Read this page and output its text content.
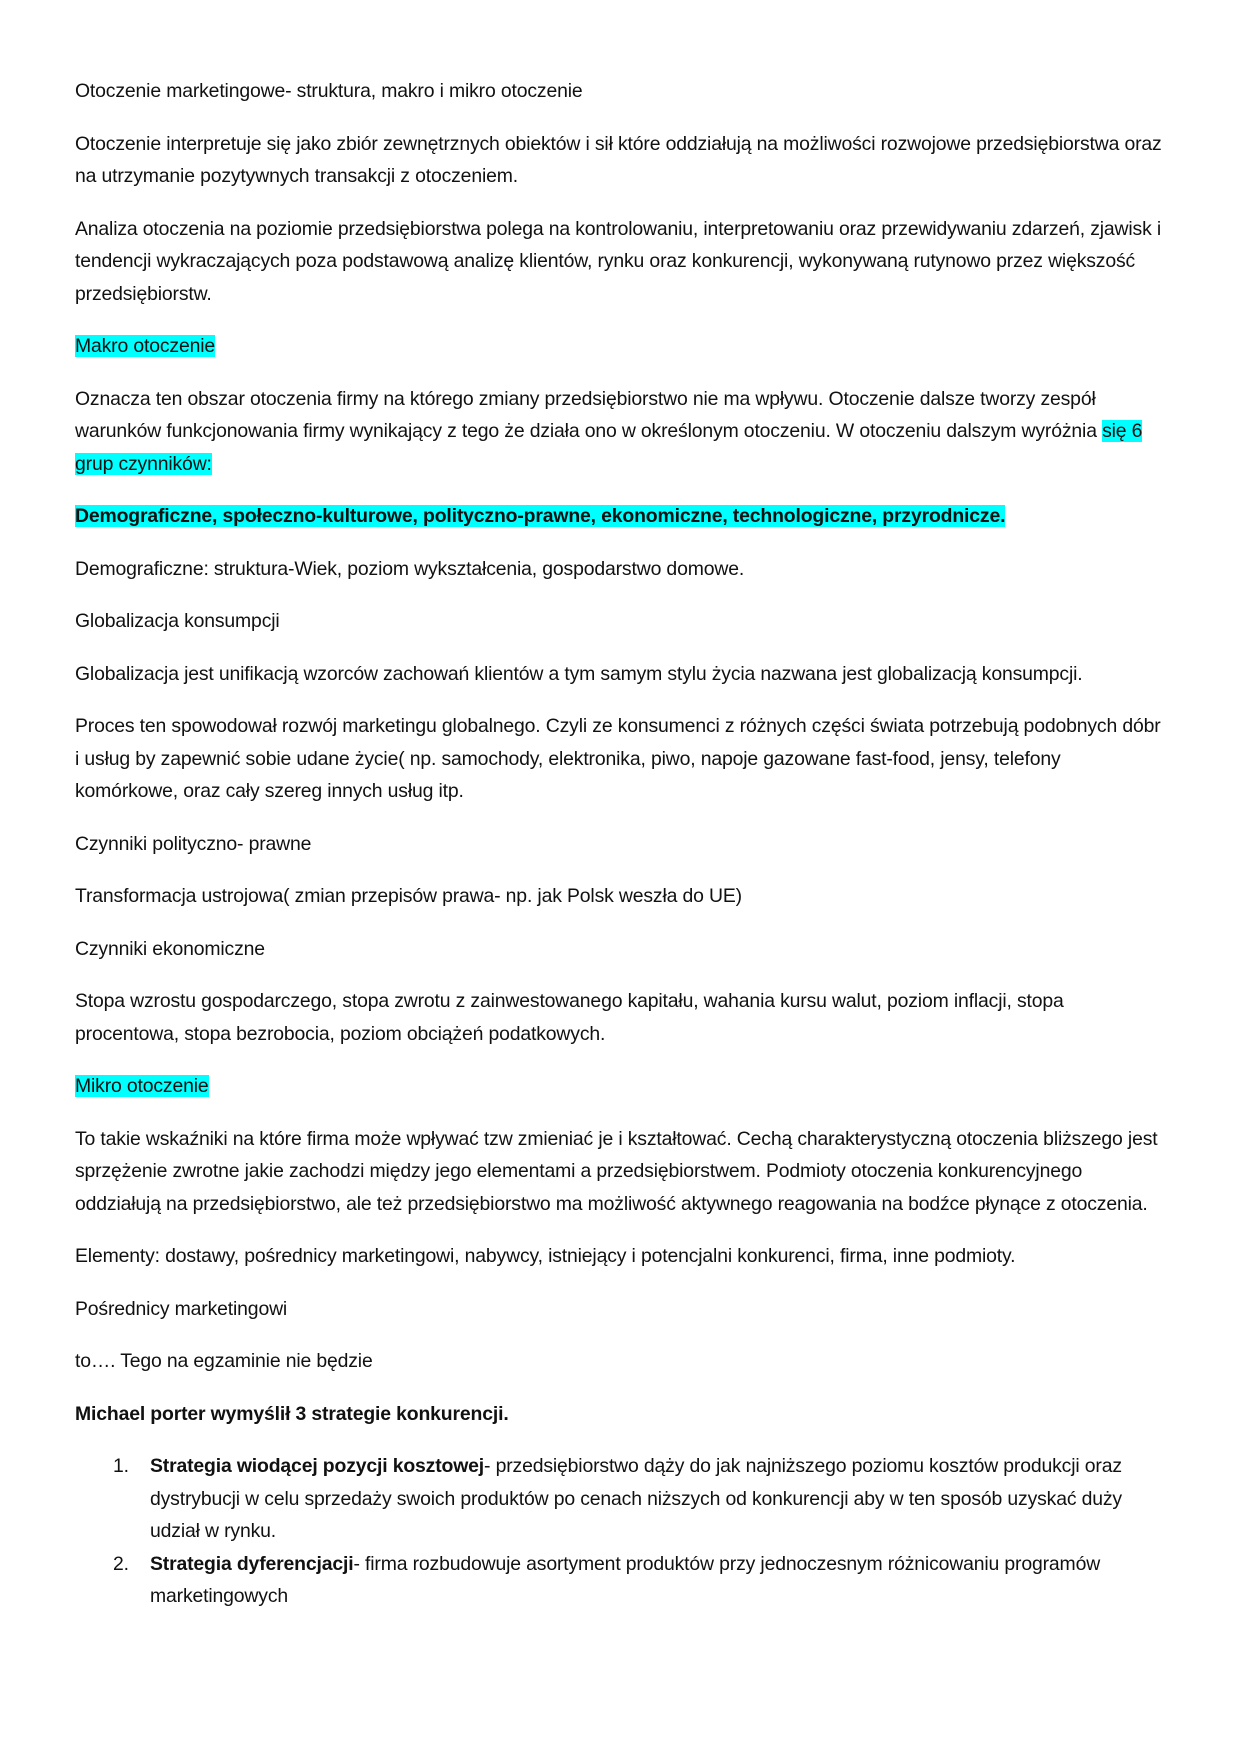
Otoczenie marketingowe- struktura, makro i mikro otoczenie

Otoczenie interpretuje się jako zbiór zewnętrznych obiektów i sił które oddziałują na możliwości rozwojowe przedsiębiorstwa oraz na utrzymanie pozytywnych transakcji z otoczeniem.

Analiza otoczenia na poziomie przedsiębiorstwa polega na kontrolowaniu, interpretowaniu oraz przewidywaniu zdarzeń, zjawisk i tendencji wykraczających poza podstawową analizę klientów, rynku oraz konkurencji, wykonywaną rutynowo przez większość przedsiębiorstw.

Makro otoczenie

Oznacza ten obszar otoczenia firmy na którego zmiany przedsiębiorstwo nie ma wpływu. Otoczenie dalsze tworzy zespół warunków funkcjonowania firmy wynikający z tego że działa ono w określonym otoczeniu. W otoczeniu dalszym wyróżnia się 6 grup czynników:

Demograficzne, społeczno-kulturowe, polityczno-prawne, ekonomiczne, technologiczne, przyrodnicze.

Demograficzne: struktura-Wiek, poziom wykształcenia, gospodarstwo domowe.

Globalizacja konsumpcji

Globalizacja jest unifikacją wzorców zachowań klientów a tym samym stylu życia nazwana jest globalizacją konsumpcji.

Proces ten spowodował rozwój marketingu globalnego. Czyli ze konsumenci z różnych części świata potrzebują podobnych dóbr i usług by zapewnić sobie udane życie( np. samochody, elektronika, piwo, napoje gazowane fast-food, jensy, telefony komórkowe, oraz cały szereg innych usług itp.

Czynniki polityczno- prawne

Transformacja ustrojowa( zmian przepisów prawa- np. jak Polsk weszła do UE)

Czynniki ekonomiczne

Stopa wzrostu gospodarczego, stopa zwrotu z zainwestowanego kapitału, wahania kursu walut, poziom inflacji, stopa procentowa, stopa bezrobocia, poziom obciążeń podatkowych.

Mikro otoczenie

To takie wskaźniki na które firma może wpływać tzw zmieniać je i kształtować. Cechą charakterystyczną otoczenia bliższego jest sprzężenie zwrotne jakie zachodzi między jego elementami a przedsiębiorstwem. Podmioty otoczenia konkurencyjnego oddziałują na przedsiębiorstwo, ale też przedsiębiorstwo ma możliwość aktywnego reagowania na bodźce płynące z otoczenia.

Elementy: dostawy, pośrednicy marketingowi, nabywcy, istniejący i potencjalni konkurenci, firma, inne podmioty.

Pośrednicy marketingowi

to…. Tego na egzaminie nie będzie

Michael porter wymyślił 3 strategie konkurencji.

1. Strategia wiodącej pozycji kosztowej- przedsiębiorstwo dąży do jak najniższego poziomu kosztów produkcji oraz dystrybucji w celu sprzedaży swoich produktów po cenach niższych od konkurencji aby w ten sposób uzyskać duży udział w rynku.
2. Strategia dyferencjacji- firma rozbudowuje asortyment produktów przy jednoczesnym różnicowaniu programów marketingowych
